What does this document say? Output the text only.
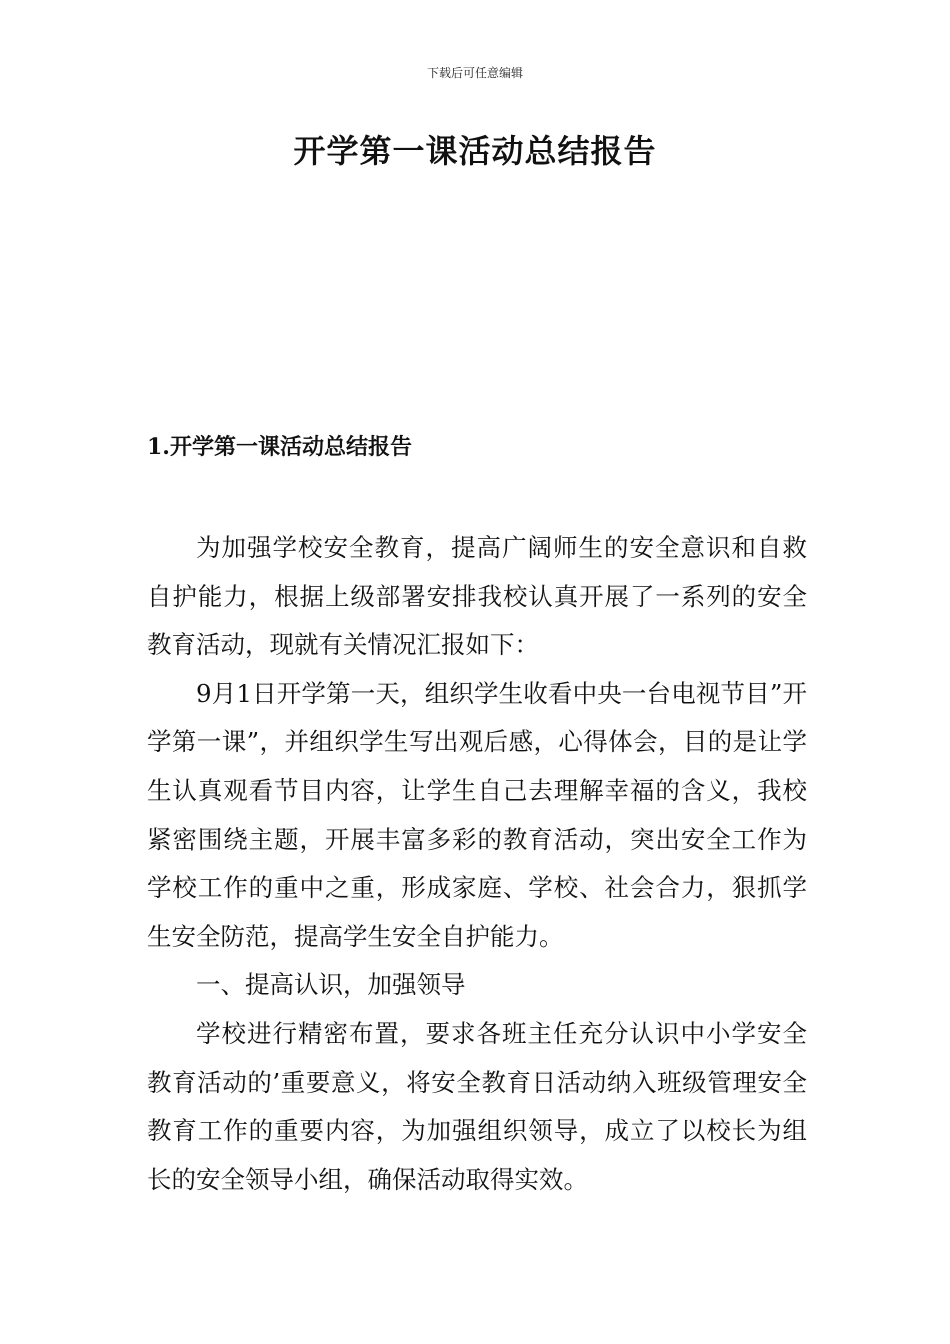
下载后可任意编辑
开学第一课活动总结报告
1.开学第一课活动总结报告

为加强学校安全教育，提高广阔师生的安全意识和自救自护能力，根据上级部署安排我校认真开展了一系列的安全教育活动，现就有关情况汇报如下：

9月1日开学第一天，组织学生收看中央一台电视节目”开学第一课”，并组织学生写出观后感，心得体会，目的是让学生认真观看节目内容，让学生自己去理解幸福的含义，我校紧密围绕主题，开展丰富多彩的教育活动，突出安全工作为学校工作的重中之重，形成家庭、学校、社会合力，狠抓学生安全防范，提高学生安全自护能力。

一、提高认识，加强领导

学校进行精密布置，要求各班主任充分认识中小学安全教育活动的’重要意义，将安全教育日活动纳入班级管理安全教育工作的重要内容，为加强组织领导，成立了以校长为组长的安全领导小组，确保活动取得实效。
